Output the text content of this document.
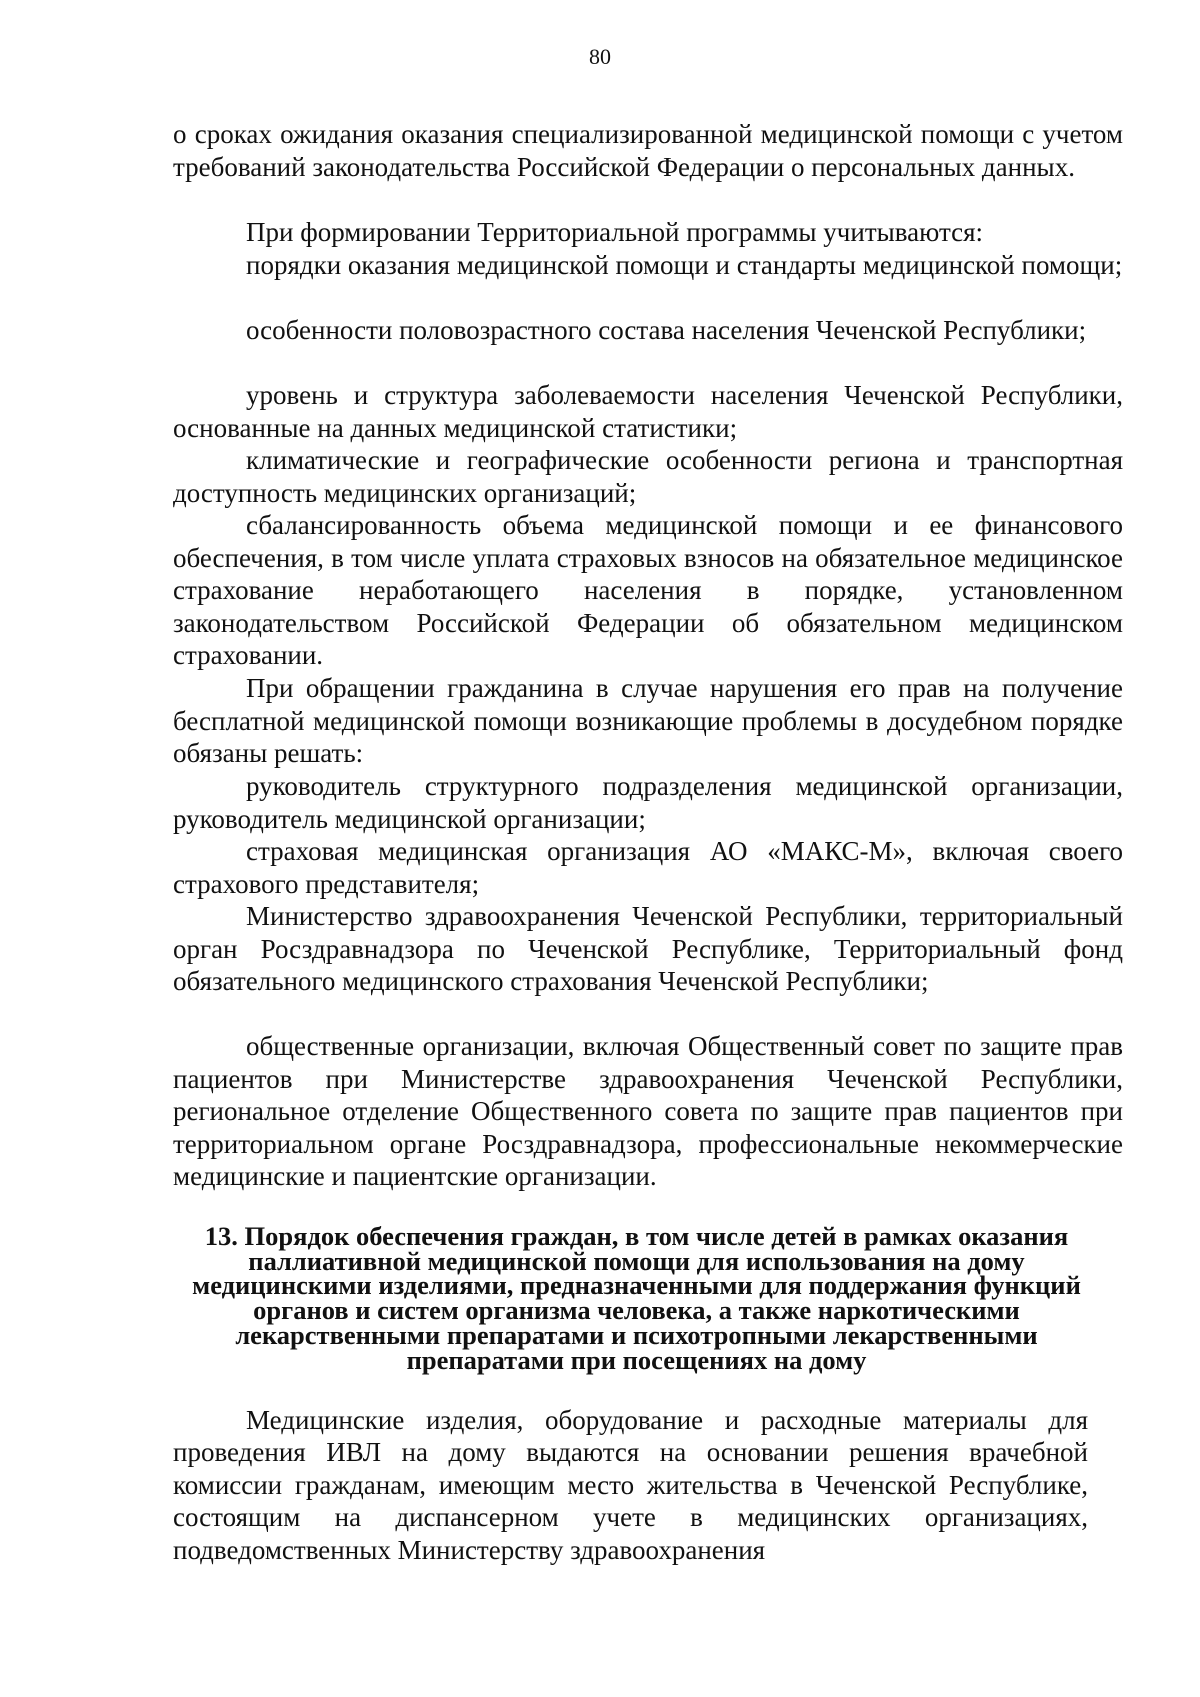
80

о сроках ожидания оказания специализированной медицинской помощи с учетом требований законодательства Российской Федерации о персональных данных.

При формировании Территориальной программы учитываются:

порядки оказания медицинской помощи и стандарты медицинской помощи;

особенности половозрастного состава населения Чеченской Республики;

уровень и структура заболеваемости населения Чеченской Республики, основанные на данных медицинской статистики;

климатические и географические особенности региона и транспортная доступность медицинских организаций;

сбалансированность объема медицинской помощи и ее финансового обеспечения, в том числе уплата страховых взносов на обязательное медицинское страхование неработающего населения в порядке, установленном законодательством Российской Федерации об обязательном медицинском страховании.

При обращении гражданина в случае нарушения его прав на получение бесплатной медицинской помощи возникающие проблемы в досудебном порядке обязаны решать:

руководитель структурного подразделения медицинской организации, руководитель медицинской организации;

страховая медицинская организация АО «МАКС-М», включая своего страхового представителя;

Министерство здравоохранения Чеченской Республики, территориальный орган Росздравнадзора по Чеченской Республике, Территориальный фонд обязательного медицинского страхования Чеченской Республики;

общественные организации, включая Общественный совет по защите прав пациентов при Министерстве здравоохранения Чеченской Республики, региональное отделение Общественного совета по защите прав пациентов при территориальном органе Росздравнадзора, профессиональные некоммерческие медицинские и пациентские организации.

13. Порядок обеспечения граждан, в том числе детей в рамках оказания паллиативной медицинской помощи для использования на дому медицинскими изделиями, предназначенными для поддержания функций органов и систем организма человека, а также наркотическими лекарственными препаратами и психотропными лекарственными препаратами при посещениях на дому

Медицинские изделия, оборудование и расходные материалы для проведения ИВЛ на дому выдаются на основании решения врачебной комиссии гражданам, имеющим место жительства в Чеченской Республике, состоящим на диспансерном учете в медицинских организациях, подведомственных Министерству здравоохранения
